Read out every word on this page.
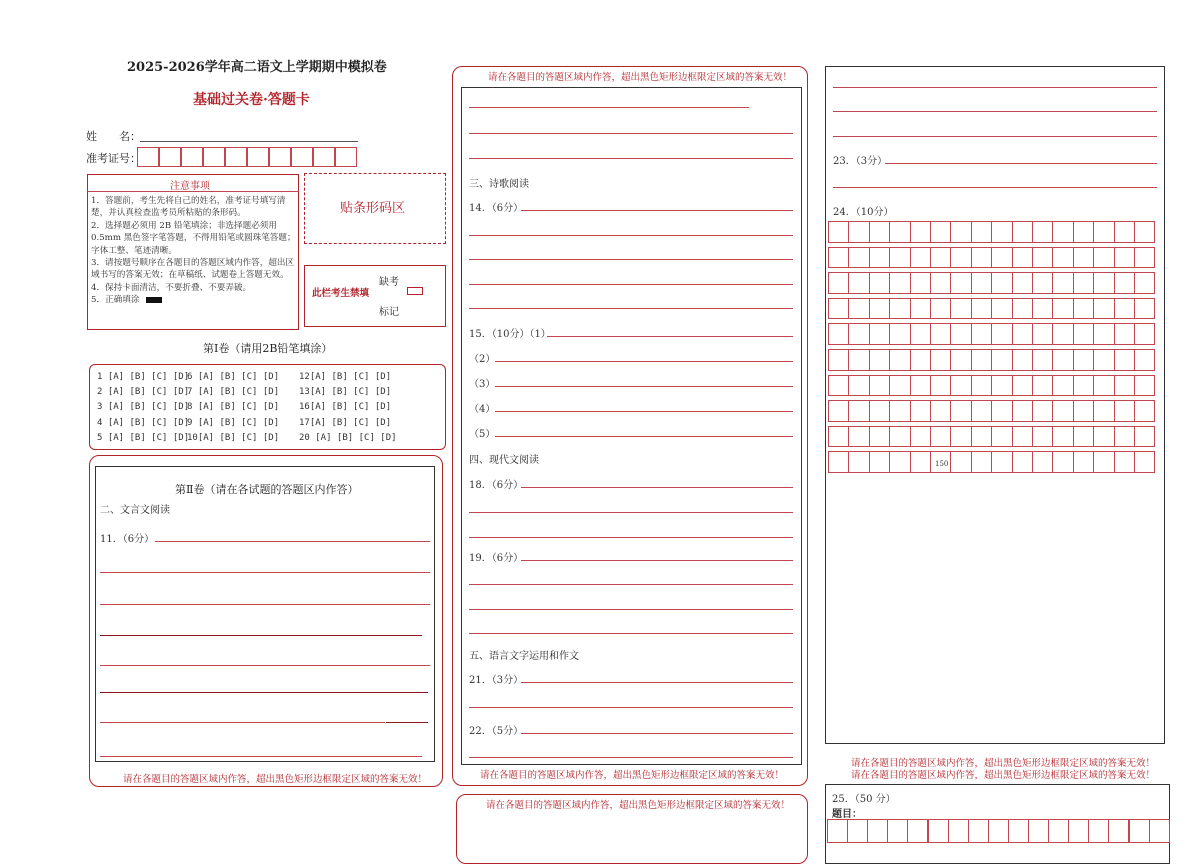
2025-2026学年高二语文上学期期中模拟卷
基础过关卷·答题卡
姓　　名：
准考证号：
注意事项
1．答题前，考生先将自己的姓名，准考证号填写清楚，并认真检查监考员所粘贴的条形码。
2．选择题必须用 2B 铅笔填涂；非选择题必须用 0.5mm 黑色签字笔答题，不得用铅笔或圆珠笔答题；字体工整、笔迹清晰。
3．请按题号顺序在各题目的答题区域内作答，超出区域书写的答案无效；在草稿纸、试题卷上答题无效。
4．保持卡面清洁，不要折叠、不要弄破。
5．正确填涂
贴条形码区
此栏考生禁填
缺考
标记
第Ⅰ卷（请用2B铅笔填涂）
1 [A] [B] [C] [D]
2 [A] [B] [C] [D]
3 [A] [B] [C] [D]
4 [A] [B] [C] [D]
5 [A] [B] [C] [D]
6 [A] [B] [C] [D]
7 [A] [B] [C] [D]
8 [A] [B] [C] [D]
9 [A] [B] [C] [D]
10[A] [B] [C] [D]
12[A] [B] [C] [D]
13[A] [B] [C] [D]
16[A] [B] [C] [D]
17[A] [B] [C] [D]
20 [A] [B] [C] [D]
第Ⅱ卷（请在各试题的答题区内作答）
二、文言文阅读
11．（6分）
请在各题目的答题区域内作答，超出黑色矩形边框限定区域的答案无效！
请在各题目的答题区域内作答，超出黑色矩形边框限定区域的答案无效！
三、诗歌阅读
14．（6分）
15．（10分）（1）
（2）
（3）
（4）
（5）
四、现代文阅读
18．（6分）
19．（6分）
五、语言文字运用和作文
21．（3分）
22．（5分）
请在各题目的答题区域内作答，超出黑色矩形边框限定区域的答案无效！
请在各题目的答题区域内作答，超出黑色矩形边框限定区域的答案无效！
23．（3分）
24．（10分）
150
请在各题目的答题区域内作答，超出黑色矩形边框限定区域的答案无效！
请在各题目的答题区域内作答，超出黑色矩形边框限定区域的答案无效！
25．（50 分）
题目：
